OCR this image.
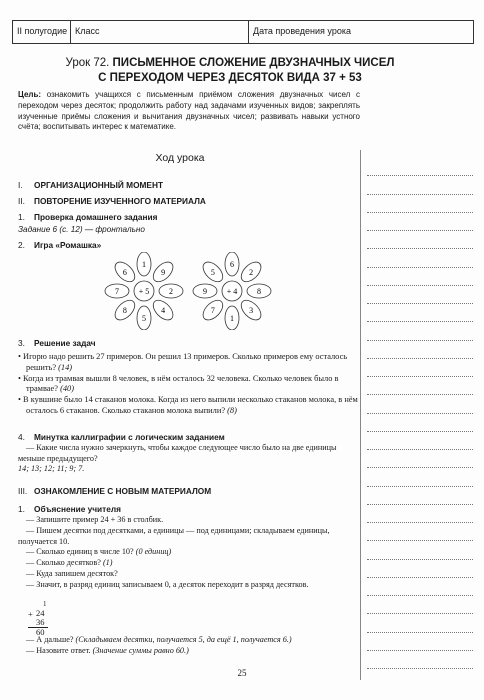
II полугодие Класс	Дата проведения урока
Урок 72. ПИСЬМЕННОЕ СЛОЖЕНИЕ ДВУЗНАЧНЫХ ЧИСЕЛ
С ПЕРЕХОДОМ ЧЕРЕЗ ДЕСЯТОК ВИДА 37 + 53
Цель: ознакомить учащихся с письменным приёмом сложения двузначных чисел с переходом через десяток; продолжить работу над задачами изученных видов; закреплять изученные приёмы сложения и вычитания двузначных чисел; развивать навыки устного счёта; воспитывать интерес к математике.
Ход урока
I. ОРГАНИЗАЦИОННЫЙ МОМЕНТ
II. ПОВТОРЕНИЕ ИЗУЧЕННОГО МАТЕРИАЛА
1. Проверка домашнего задания
Задание 6 (с. 12) — фронтально
2. Игра «Ромашка»
1
9
2
4
5
8
7
6
+ 5
6
2
8
3
1
7
9
5
+ 4
3. Решение задач
• Игорю надо решить 27 примеров. Он решил 13 примеров. Сколько примеров ему осталось решить? (14)
• Когда из трамвая вышли 8 человек, в нём осталось 32 человека. Сколько человек было в трамвае? (40)
• В кувшине было 14 стаканов молока. Когда из него выпили несколько стаканов молока, в нём осталось 6 стаканов. Сколько стаканов молока выпили? (8)
4. Минутка каллиграфии с логическим заданием
— Какие числа нужно зачеркнуть, чтобы каждое следующее число было на две единицы меньше предыдущего?
14; 13; 12; 11; 9; 7.
III. ОЗНАКОМЛЕНИЕ С НОВЫМ МАТЕРИАЛОМ
1. Объяснение учителя
— Запишите пример 24 + 36 в столбик.
— Пишем десятки под десятками, а единицы — под единицами; складываем единицы, получается 10.
— Сколько единиц в числе 10? (0 единиц)
— Сколько десятков? (1)
— Куда запишем десяток?
— Значит, в разряд единиц записываем 0, а десяток переходит в разряд десятков.
1
+ 24
36
60
— А дальше? (Складываем десятки, получается 5, да ещё 1, получается 6.)
— Назовите ответ. (Значение суммы равно 60.)
25
